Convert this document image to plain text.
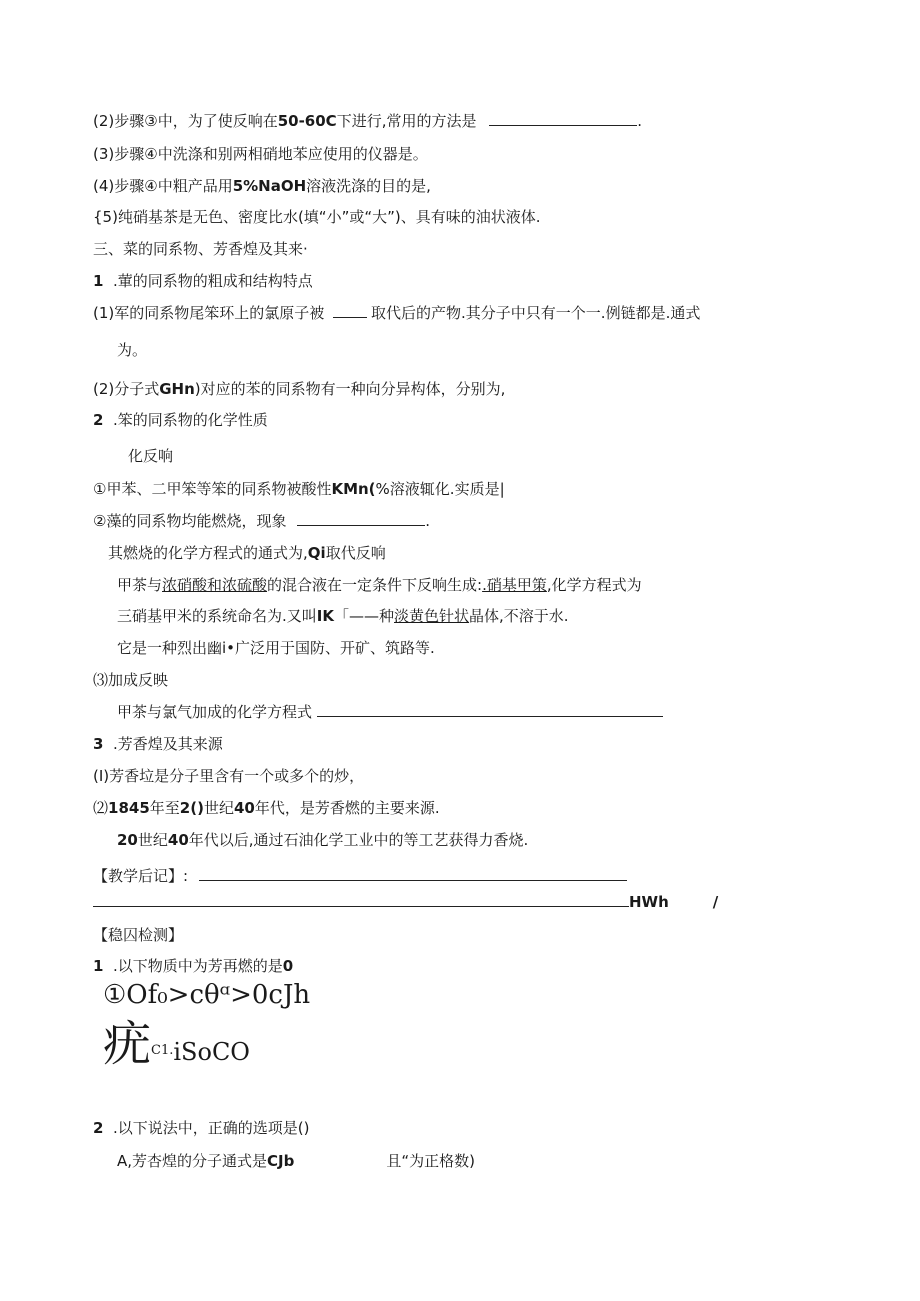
(2)步骤③中，为了使反响在50-60C下进行,常用的方法是	.
(3)步骤④中洗涤和别两相硝地苯应使用的仪器是。
(4)步骤④中粗产品用5%NaOH溶液洗涤的目的是,
{5)纯硝基茶是无色、密度比水(填“小”或“大”)、具有味的油状液体.
三、菜的同系物、芳香煌及其来·
1 .葷的同系物的粗成和结构特点
(1)军的同系物尾笨环上的氯原子被	取代后的产物.其分子中只有一个一.例链都是.通式
为。
(2)分子式GHn)对应的苯的同系物有一种向分异构体，分别为,
2 .笨的同系物的化学性质
化反响
①甲苯、二甲笨等笨的同系物被酸性KMn(%溶液辄化.实质是|
②藻的同系物均能燃烧，现象	.
其燃烧的化学方程式的通式为,Qi取代反响
甲茶与浓硝酸和浓硫酸的混合液在一定条件下反响生成:.硝基甲策,化学方程式为
三硝基甲米的系统命名为.又叫IK「——种淡黄色针状晶体,不溶于水.
它是一种烈出幽i•广泛用于国防、开矿、筑路等.
⑶加成反映
甲茶与氯气加成的化学方程式
3 .芳香煌及其来源
(I)芳香垃是分子里含有一个或多个的炒，
⑵1845年至2()世纪40年代，是芳香燃的主要来源.
20世纪40年代以后,通过石油化学工业中的等工艺获得力香烧.
【教学后记】:
HWh	/
【稳囚检测】
1 .以下物质中为芳再燃的是0
①Of₀>cθᵅ>0cJh
疣C1.iSoCO
2 .以下说法中，正确的选项是()
A,芳杏煌的分子通式是CJb	且“为正格数)
